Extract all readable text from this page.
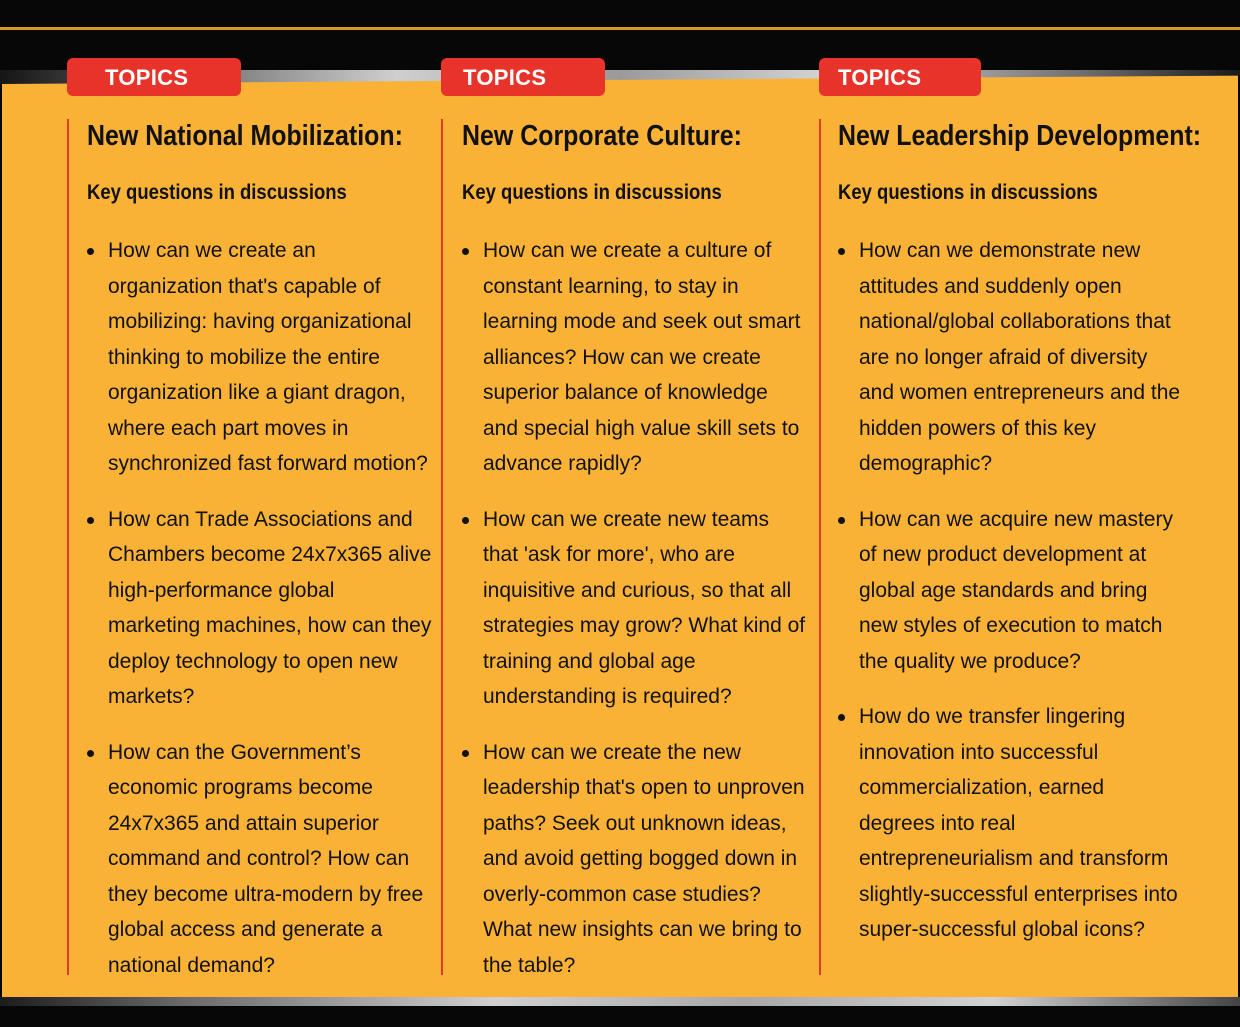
TOPICS	TOPICS	TOPICS
New National Mobilization:
Key questions in discussions
How can we create an organization that's capable of mobilizing: having organizational thinking to mobilize the entire organization like a giant dragon, where each part moves in synchronized fast forward motion?
How can Trade Associations and Chambers become 24x7x365 alive high-performance global marketing machines, how can they deploy technology to open new markets?
How can the Government’s economic programs become 24x7x365 and attain superior command and control? How can they become ultra-modern by free global access and generate a national demand?
New Corporate Culture:
Key questions in discussions
How can we create a culture of constant learning, to stay in learning mode and seek out smart alliances? How can we create superior balance of knowledge and special high value skill sets to advance rapidly?
How can we create new teams that 'ask for more', who are inquisitive and curious, so that all strategies may grow? What kind of training and global age understanding is required?
How can we create the new leadership that's open to unproven paths? Seek out unknown ideas, and avoid getting bogged down in overly-common case studies? What new insights can we bring to the table?
New Leadership Development:
Key questions in discussions
How can we demonstrate new attitudes and suddenly open national/global collaborations that are no longer afraid of diversity and women entrepreneurs and the hidden powers of this key demographic?
How can we acquire new mastery of new product development at global age standards and bring new styles of execution to match the quality we produce?
How do we transfer lingering innovation into successful commercialization, earned degrees into real entrepreneurialism and transform slightly-successful enterprises into super-successful global icons?
